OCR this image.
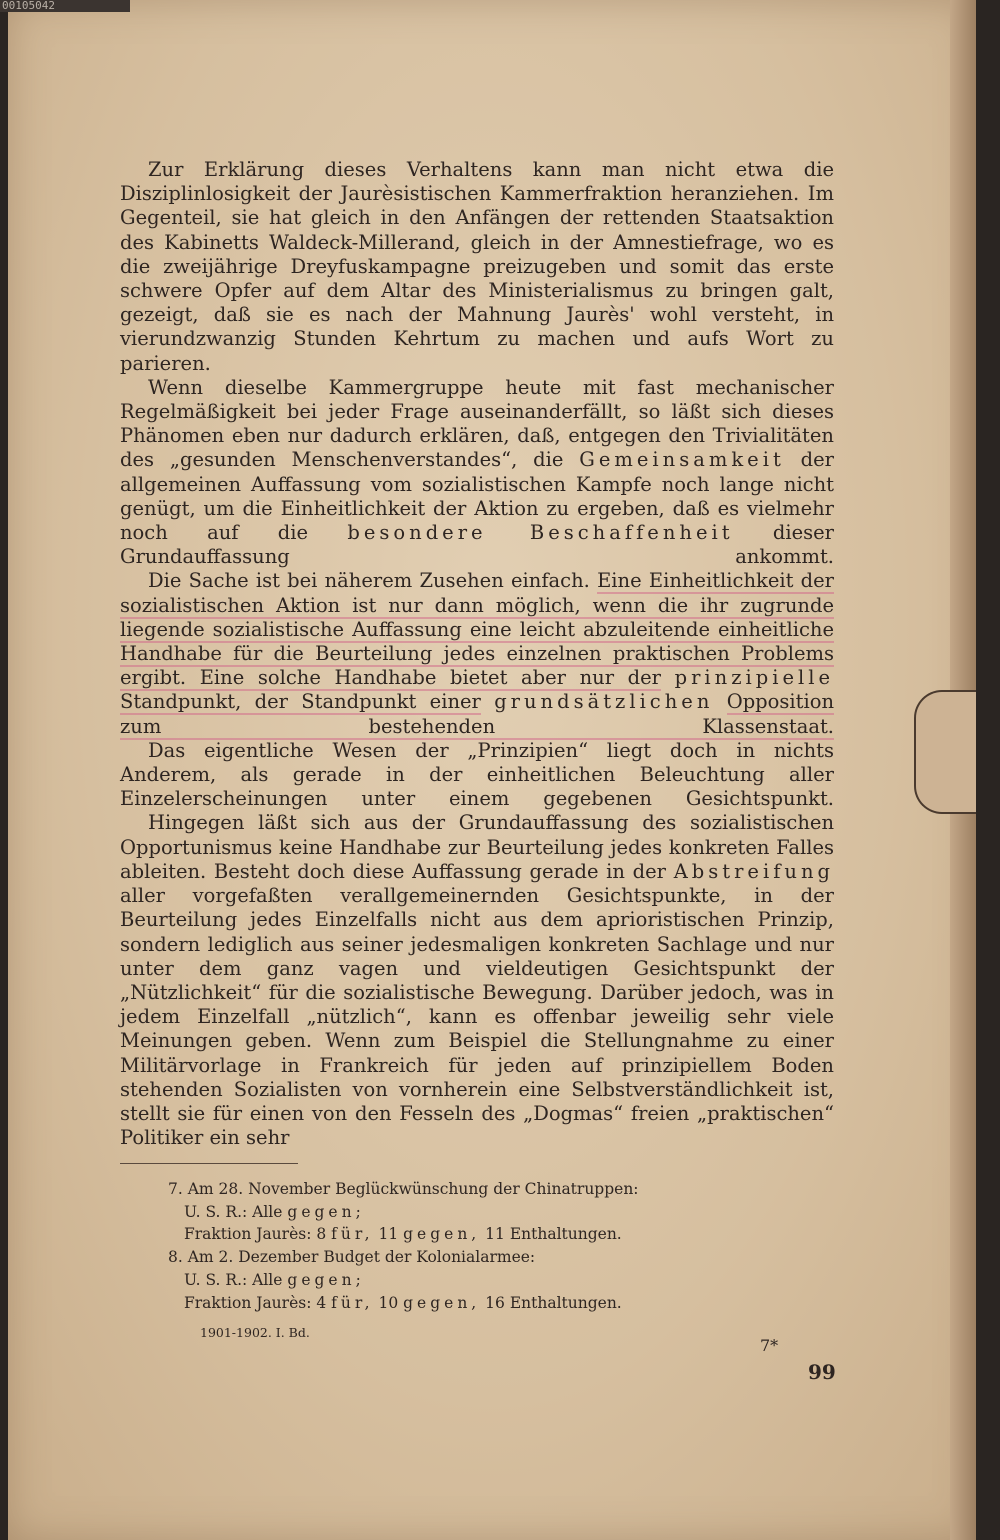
Zur Erklärung dieses Verhaltens kann man nicht etwa die Disziplinlosigkeit der Jaurèsistischen Kammerfraktion heranziehen. Im Gegenteil, sie hat gleich in den Anfängen der rettenden Staatsaktion des Kabinetts Waldeck-Millerand, gleich in der Amnestiefrage, wo es die zweijährige Dreyfuskampagne preizugeben und somit das erste schwere Opfer auf dem Altar des Ministerialismus zu bringen galt, gezeigt, daß sie es nach der Mahnung Jaurès' wohl versteht, in vierundzwanzig Stunden Kehrtum zu machen und aufs Wort zu parieren.

Wenn dieselbe Kammergruppe heute mit fast mechanischer Regelmäßigkeit bei jeder Frage auseinanderfällt, so läßt sich dieses Phänomen eben nur dadurch erklären, daß, entgegen den Trivialitäten des „gesunden Menschenverstandes“, die Gemeinsamkeit der allgemeinen Auffassung vom sozialistischen Kampfe noch lange nicht genügt, um die Einheitlichkeit der Aktion zu ergeben, daß es vielmehr noch auf die besondere Beschaffenheit dieser Grundauffassung ankommt.

Die Sache ist bei näherem Zusehen einfach. Eine Einheitlichkeit der sozialistischen Aktion ist nur dann möglich, wenn die ihr zugrunde liegende sozialistische Auffassung eine leicht abzuleitende einheitliche Handhabe für die Beurteilung jedes einzelnen praktischen Problems ergibt. Eine solche Handhabe bietet aber nur der prinzipielle Standpunkt, der Standpunkt einer grundsätzlichen Opposition zum bestehenden Klassenstaat.

Das eigentliche Wesen der „Prinzipien“ liegt doch in nichts Anderem, als gerade in der einheitlichen Beleuchtung aller Einzelerscheinungen unter einem gegebenen Gesichtspunkt.

Hingegen läßt sich aus der Grundauffassung des sozialistischen Opportunismus keine Handhabe zur Beurteilung jedes konkreten Falles ableiten. Besteht doch diese Auffassung gerade in der Abstreifung aller vorgefaßten verallgemeinernden Gesichtspunkte, in der Beurteilung jedes Einzelfalls nicht aus dem aprioristischen Prinzip, sondern lediglich aus seiner jedesmaligen konkreten Sachlage und nur unter dem ganz vagen und vieldeutigen Gesichtspunkt der „Nützlichkeit“ für die sozialistische Bewegung. Darüber jedoch, was in jedem Einzelfall „nützlich“, kann es offenbar jeweilig sehr viele Meinungen geben. Wenn zum Beispiel die Stellungnahme zu einer Militärvorlage in Frankreich für jeden auf prinzipiellem Boden stehenden Sozialisten von vornherein eine Selbstverständlichkeit ist, stellt sie für einen von den Fesseln des „Dogmas“ freien „praktischen“ Politiker ein sehr

7. Am 28. November Beglückwünschung der Chinatruppen:
U. S. R.: Alle gegen;
Fraktion Jaurès: 8 für, 11 gegen, 11 Enthaltungen.
8. Am 2. Dezember Budget der Kolonialarmee:
U. S. R.: Alle gegen;
Fraktion Jaurès: 4 für, 10 gegen, 16 Enthaltungen.
1901-1902. I. Bd.
7*
99
00105042
